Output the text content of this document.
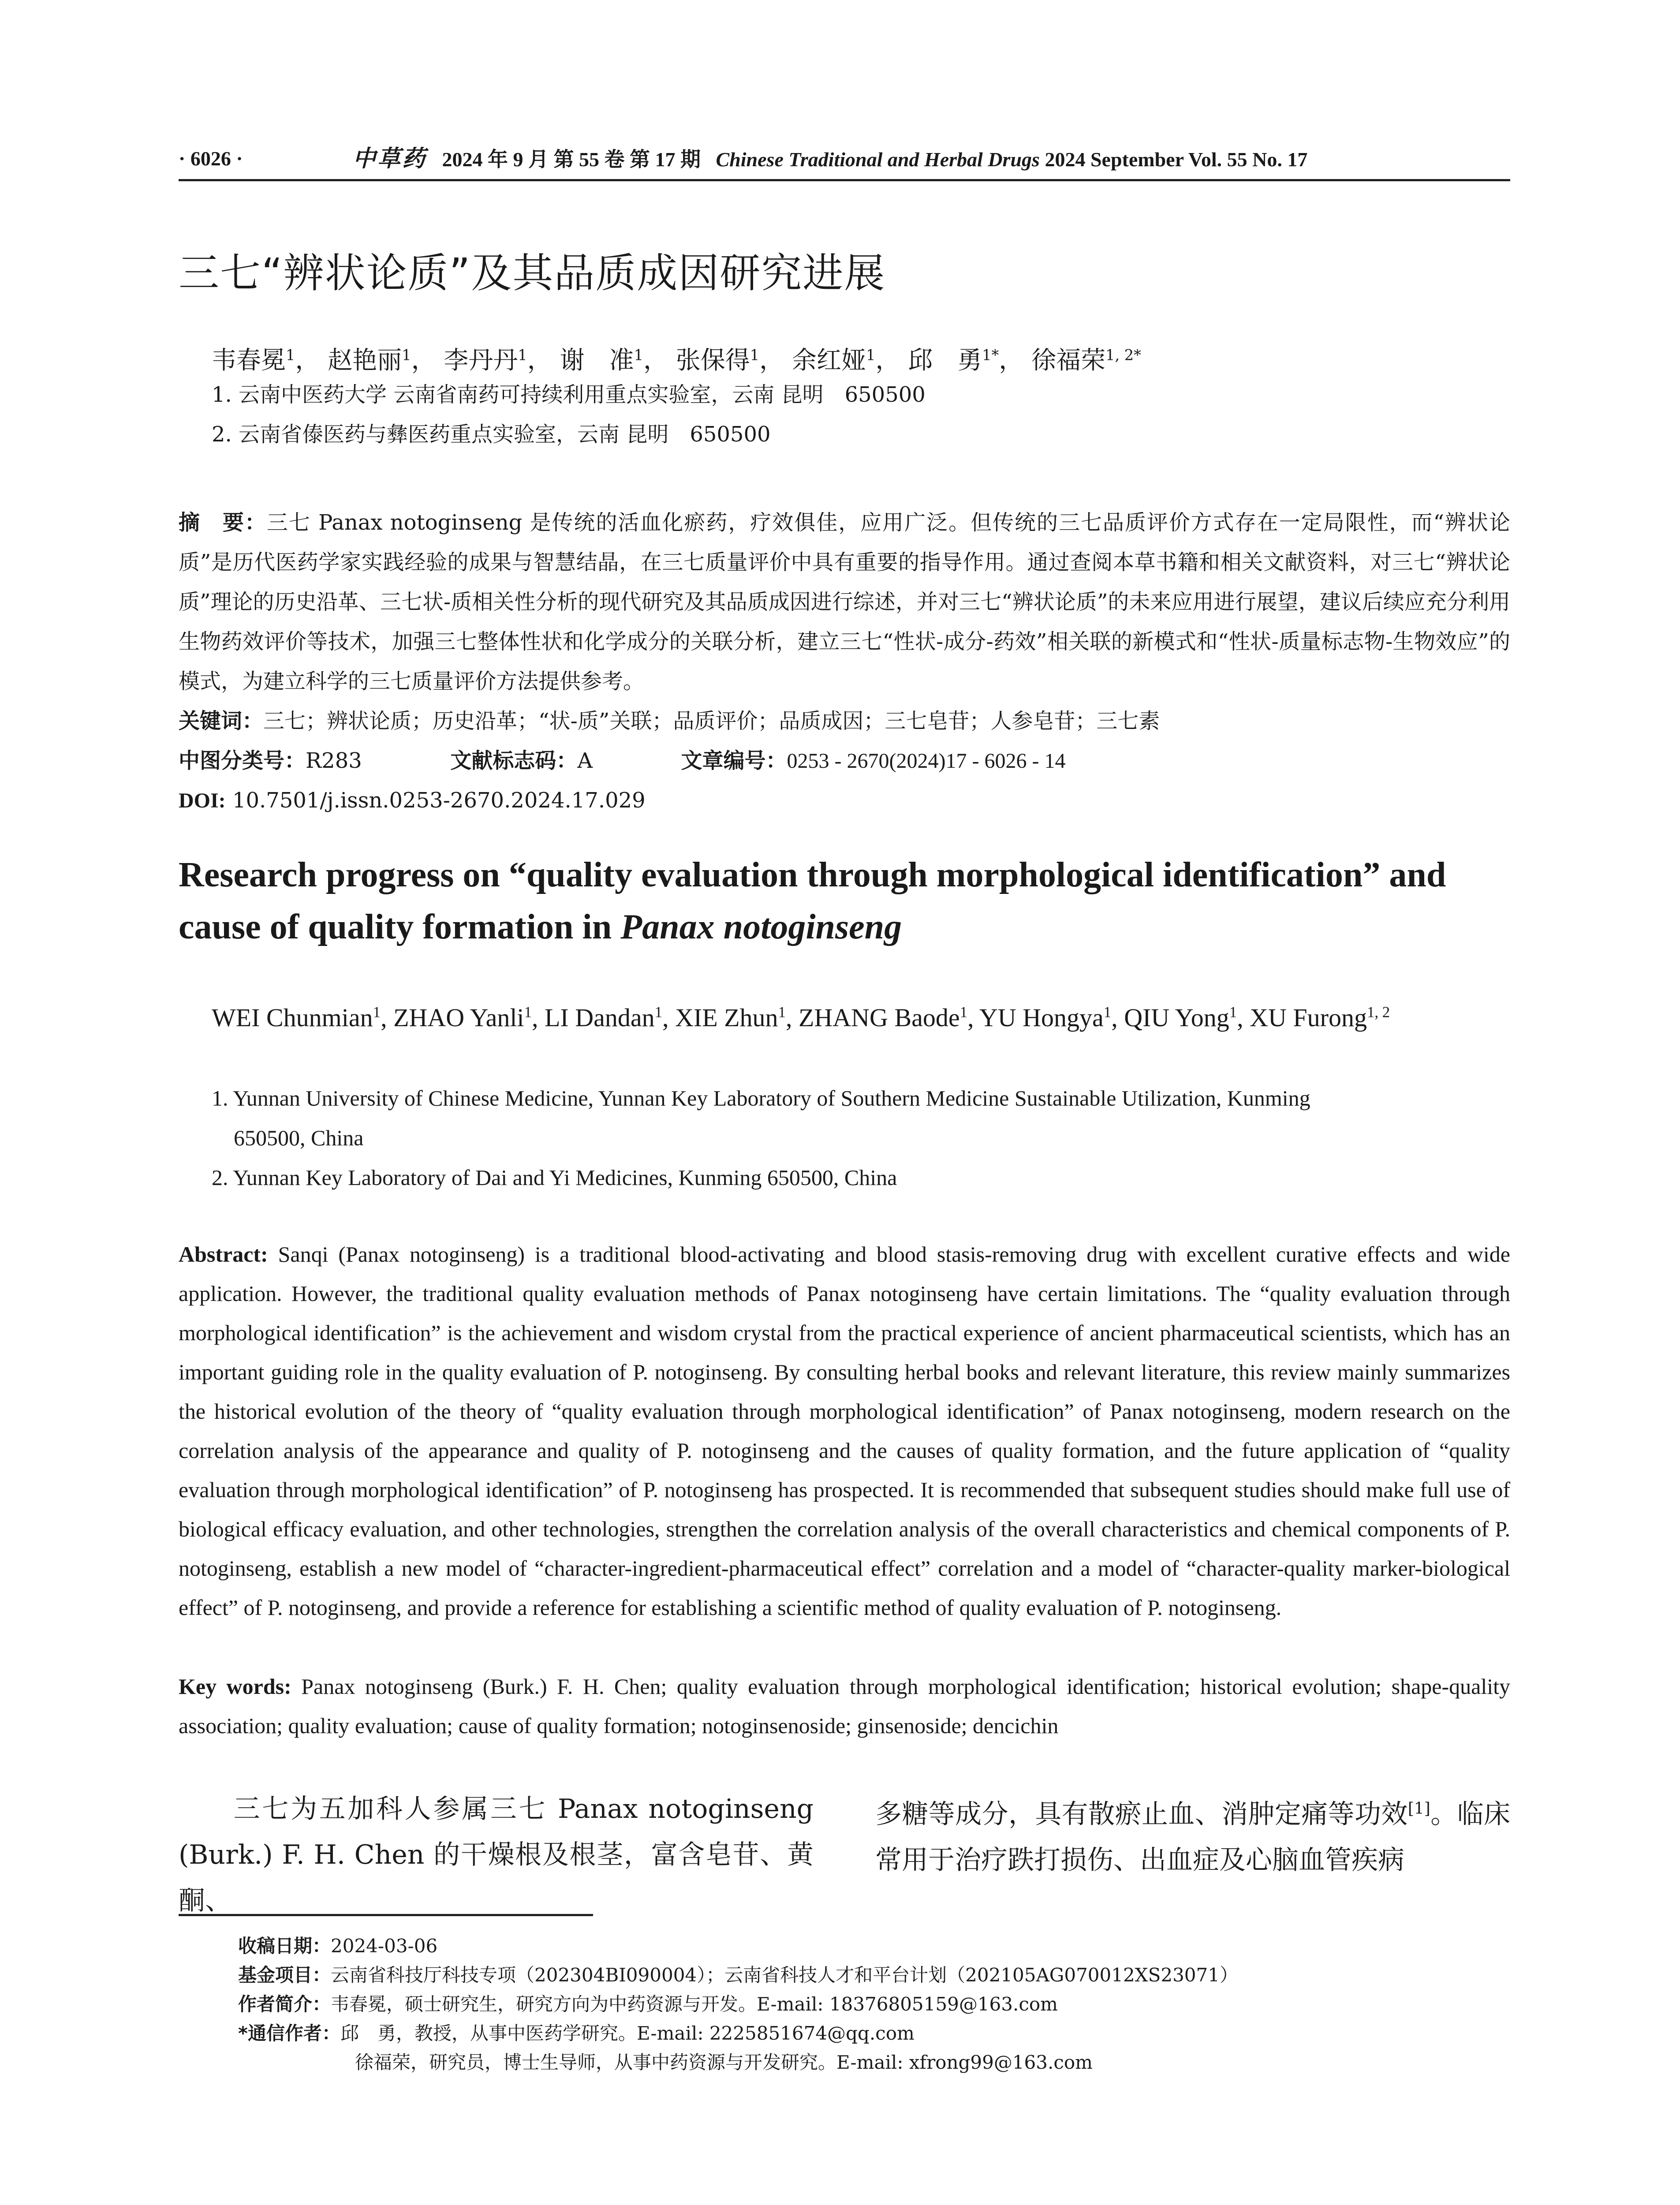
· 6026 ·	中草药 2024 年 9 月 第 55 卷 第 17 期 Chinese Traditional and Herbal Drugs 2024 September Vol. 55 No. 17
三七“辨状论质”及其品质成因研究进展
韦春冕$^1$， 赵艳丽$^1$， 李丹丹$^1$， 谢　准$^1$， 张保得$^1$， 余红娅$^1$， 邱　勇$^{1*}$， 徐福荣$^{1, 2*}$
1. 云南中医药大学 云南省南药可持续利用重点实验室，云南 昆明　650500
2. 云南省傣医药与彝医药重点实验室，云南 昆明　650500
摘　要：三七 Panax notoginseng 是传统的活血化瘀药，疗效俱佳，应用广泛。但传统的三七品质评价方式存在一定局限性，而“辨状论质”是历代医药学家实践经验的成果与智慧结晶，在三七质量评价中具有重要的指导作用。通过查阅本草书籍和相关文献资料，对三七“辨状论质”理论的历史沿革、三七状-质相关性分析的现代研究及其品质成因进行综述，并对三七“辨状论质”的未来应用进行展望，建议后续应充分利用生物药效评价等技术，加强三七整体性状和化学成分的关联分析，建立三七“性状-成分-药效”相关联的新模式和“性状-质量标志物-生物效应”的模式，为建立科学的三七质量评价方法提供参考。
关键词：三七；辨状论质；历史沿革；“状-质”关联；品质评价；品质成因；三七皂苷；人参皂苷；三七素
中图分类号：R283	文献标志码：A	文章编号：0253 - 2670(2024)17 - 6026 - 14
DOI: 10.7501/j.issn.0253-2670.2024.17.029
Research progress on “quality evaluation through morphological identification” and cause of quality formation in Panax notoginseng
WEI Chunmian$^1$, ZHAO Yanli$^1$, LI Dandan$^1$, XIE Zhun$^1$, ZHANG Baode$^1$, YU Hongya$^1$, QIU Yong$^1$, XU Furong$^{1, 2}$
1. Yunnan University of Chinese Medicine, Yunnan Key Laboratory of Southern Medicine Sustainable Utilization, Kunming
650500, China
2. Yunnan Key Laboratory of Dai and Yi Medicines, Kunming 650500, China
Abstract: Sanqi (Panax notoginseng) is a traditional blood-activating and blood stasis-removing drug with excellent curative effects and wide application. However, the traditional quality evaluation methods of Panax notoginseng have certain limitations. The “quality evaluation through morphological identification” is the achievement and wisdom crystal from the practical experience of ancient pharmaceutical scientists, which has an important guiding role in the quality evaluation of P. notoginseng. By consulting herbal books and relevant literature, this review mainly summarizes the historical evolution of the theory of “quality evaluation through morphological identification” of Panax notoginseng, modern research on the correlation analysis of the appearance and quality of P. notoginseng and the causes of quality formation, and the future application of “quality evaluation through morphological identification” of P. notoginseng has prospected. It is recommended that subsequent studies should make full use of biological efficacy evaluation, and other technologies, strengthen the correlation analysis of the overall characteristics and chemical components of P. notoginseng, establish a new model of “character-ingredient-pharmaceutical effect” correlation and a model of “character-quality marker-biological effect” of P. notoginseng, and provide a reference for establishing a scientific method of quality evaluation of P. notoginseng.
Key words: Panax notoginseng (Burk.) F. H. Chen; quality evaluation through morphological identification; historical evolution; shape-quality association; quality evaluation; cause of quality formation; notoginsenoside; ginsenoside; dencichin
三七为五加科人参属三七 Panax notoginseng (Burk.) F. H. Chen 的干燥根及根茎，富含皂苷、黄酮、
多糖等成分，具有散瘀止血、消肿定痛等功效[1]。临床常用于治疗跌打损伤、出血症及心脑血管疾病
收稿日期：2024-03-06
基金项目：云南省科技厅科技专项（202304BI090004）；云南省科技人才和平台计划（202105AG070012XS23071）
作者简介：韦春冕，硕士研究生，研究方向为中药资源与开发。E-mail: 18376805159@163.com
*通信作者：邱　勇，教授，从事中医药学研究。E-mail: 2225851674@qq.com
徐福荣，研究员，博士生导师，从事中药资源与开发研究。E-mail: xfrong99@163.com
